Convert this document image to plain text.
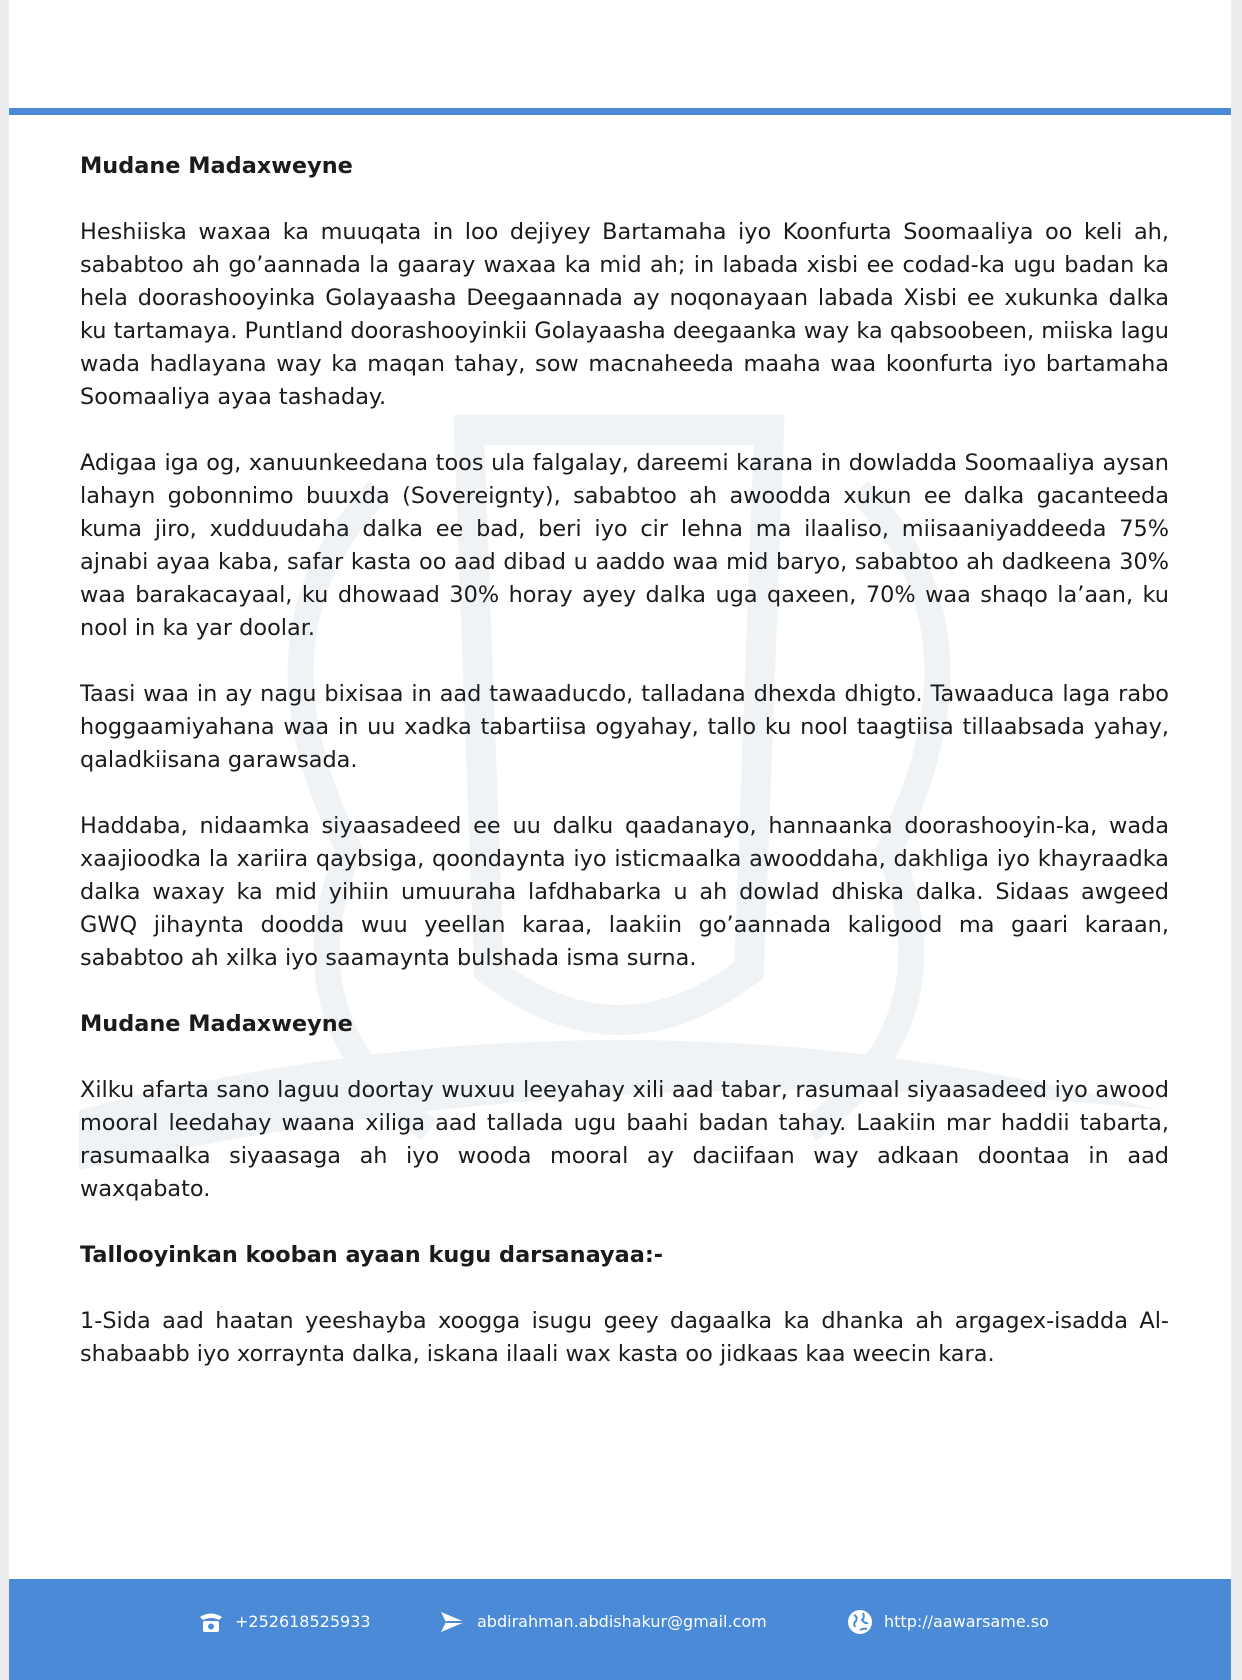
Mudane Madaxweyne

Heshiiska waxaa ka muuqata in loo dejiyey Bartamaha iyo Koonfurta Soomaaliya oo keli ah, sababtoo ah go’aannada la gaaray waxaa ka mid ah; in labada xisbi ee codad-ka ugu badan ka hela doorashooyinka Golayaasha Deegaannada ay noqonayaan labada Xisbi ee xukunka dalka ku tartamaya. Puntland doorashooyinkii Golayaasha deegaanka way ka qabsoobeen, miiska lagu wada hadlayana way ka maqan tahay, sow macnaheeda maaha waa koonfurta iyo bartamaha Soomaaliya ayaa tashaday.

Adigaa iga og, xanuunkeedana toos ula falgalay, dareemi karana in dowladda Soomaaliya aysan lahayn gobonnimo buuxda (Sovereignty), sababtoo ah awoodda xukun ee dalka gacanteeda kuma jiro, xudduudaha dalka ee bad, beri iyo cir lehna ma ilaaliso, miisaaniyaddeeda 75% ajnabi ayaa kaba, safar kasta oo aad dibad u aaddo waa mid baryo, sababtoo ah dadkeena 30% waa barakacayaal, ku dhowaad 30% horay ayey dalka uga qaxeen, 70% waa shaqo la’aan, ku nool in ka yar doolar.

Taasi waa in ay nagu bixisaa in aad tawaaducdo, talladana dhexda dhigto. Tawaaduca laga rabo hoggaamiyahana waa in uu xadka tabartiisa ogyahay, tallo ku nool taagtiisa tillaabsada yahay, qaladkiisana garawsada.

Haddaba, nidaamka siyaasadeed ee uu dalku qaadanayo, hannaanka doorashooyin-ka, wada xaajioodka la xariira qaybsiga, qoondaynta iyo isticmaalka awooddaha, dakhliga iyo khayraadka dalka waxay ka mid yihiin umuuraha lafdhabarka u ah dowlad dhiska dalka. Sidaas awgeed GWQ jihaynta doodda wuu yeellan karaa, laakiin go’aannada kaligood ma gaari karaan, sababtoo ah xilka iyo saamaynta bulshada isma surna.

Mudane Madaxweyne

Xilku afarta sano laguu doortay wuxuu leeyahay xili aad tabar, rasumaal siyaasadeed iyo awood mooral leedahay waana xiliga aad tallada ugu baahi badan tahay. Laakiin mar haddii tabarta, rasumaalka siyaasaga ah iyo wooda mooral ay daciifaan way adkaan doontaa in aad waxqabato.

Tallooyinkan kooban ayaan kugu darsanayaa:-

1-Sida aad haatan yeeshayba xoogga isugu geey dagaalka ka dhanka ah argagex-isadda Al-shabaabb iyo xorraynta dalka, iskana ilaali wax kasta oo jidkaas kaa weecin kara.

+252618525933	abdirahman.abdishakur@gmail.com	http://aawarsame.so
